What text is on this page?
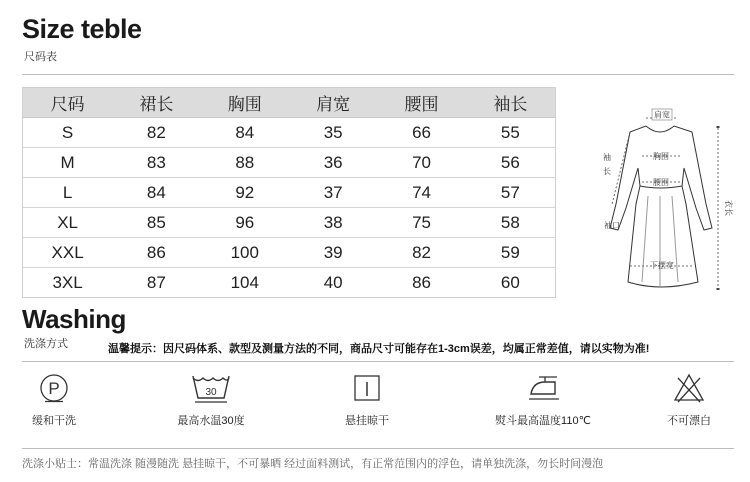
Size teble
尺码表
尺码	裙长	胸围	肩宽	腰围	袖长
S	82	84	35	66	55
M	83	88	36	70	56
L	84	92	37	74	57
XL	85	96	38	75	58
XXL	86	100	39	82	59
3XL	87	104	40	86	60
肩宽
胸围
腰围
袖
长
袖口
下摆宽
衣长
Washing
洗涤方式	温馨提示：因尺码体系、款型及测量方法的不同，商品尺寸可能存在1-3cm误差，均属正常差值，请以实物为准!
P
缓和干洗
30
最高水温30度	悬挂晾干	熨斗最高温度110℃	不可漂白
洗涤小贴士：常温洗涤 随漫随洗 悬挂晾干，不可暴晒 经过面料测试，有正常范围内的浮色，请单独洗涤，勿长时间漫泡
